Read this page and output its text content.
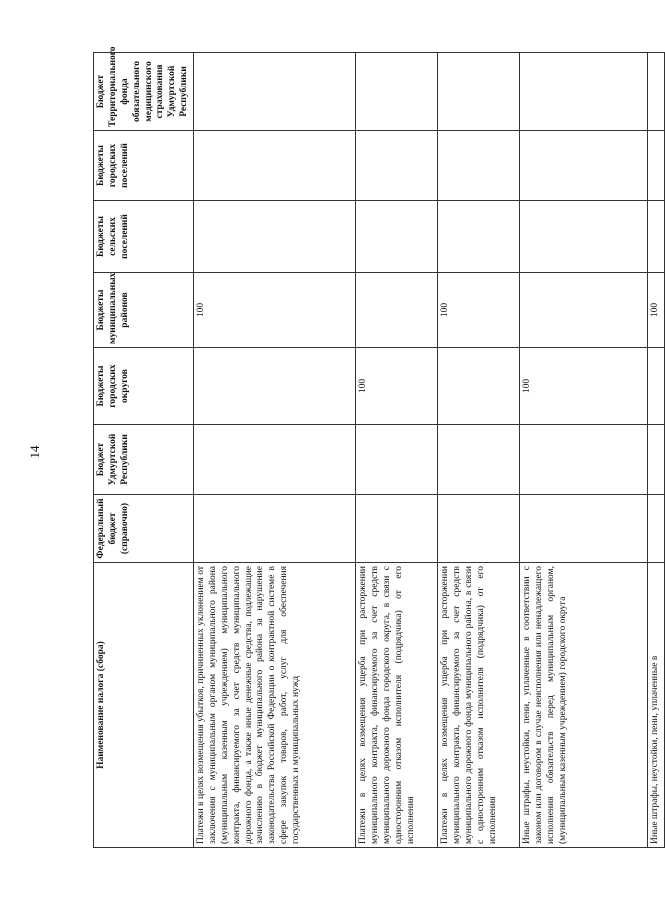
14
Наименование налога (сбора)	Федеральный бюджет (справочно)	Бюджет Удмуртской Республики	Бюджеты городских округов	Бюджеты муниципальных районов	Бюджеты сельских поселений	Бюджеты городских поселений	Бюджет Территориального фонда обязательного медицинского страхования Удмуртской Республики
Платежи в целях возмещения убытков, причиненных уклонением от заключения с муниципальным органом муниципального района (муниципальным казенным учреждением) муниципального контракта, финансируемого за счет средств муниципального дорожного фонда, а также иные денежные средства, подлежащие зачислению в бюджет муниципального района за нарушение законодательства Российской Федерации о контрактной системе в сфере закупок товаров, работ, услуг для обеспечения государственных и муниципальных нужд				100			
Платежи в целях возмещения ущерба при расторжении муниципального контракта, финансируемого за счет средств муниципального дорожного фонда городского округа, в связи с односторонним отказом исполнителя (подрядчика) от его исполнения			100				
Платежи в целях возмещения ущерба при расторжении муниципального контракта, финансируемого за счет средств муниципального дорожного фонда муниципального района, в связи с односторонним отказом исполнителя (подрядчика) от его исполнения				100			
Иные штрафы, неустойки, пени, уплаченные в соответствии с законом или договором в случае неисполнения или ненадлежащего исполнения обязательств перед муниципальным органом, (муниципальным казенным учреждением) городского округа			100				
Иные штрафы, неустойки, пени, уплаченные в				100			
